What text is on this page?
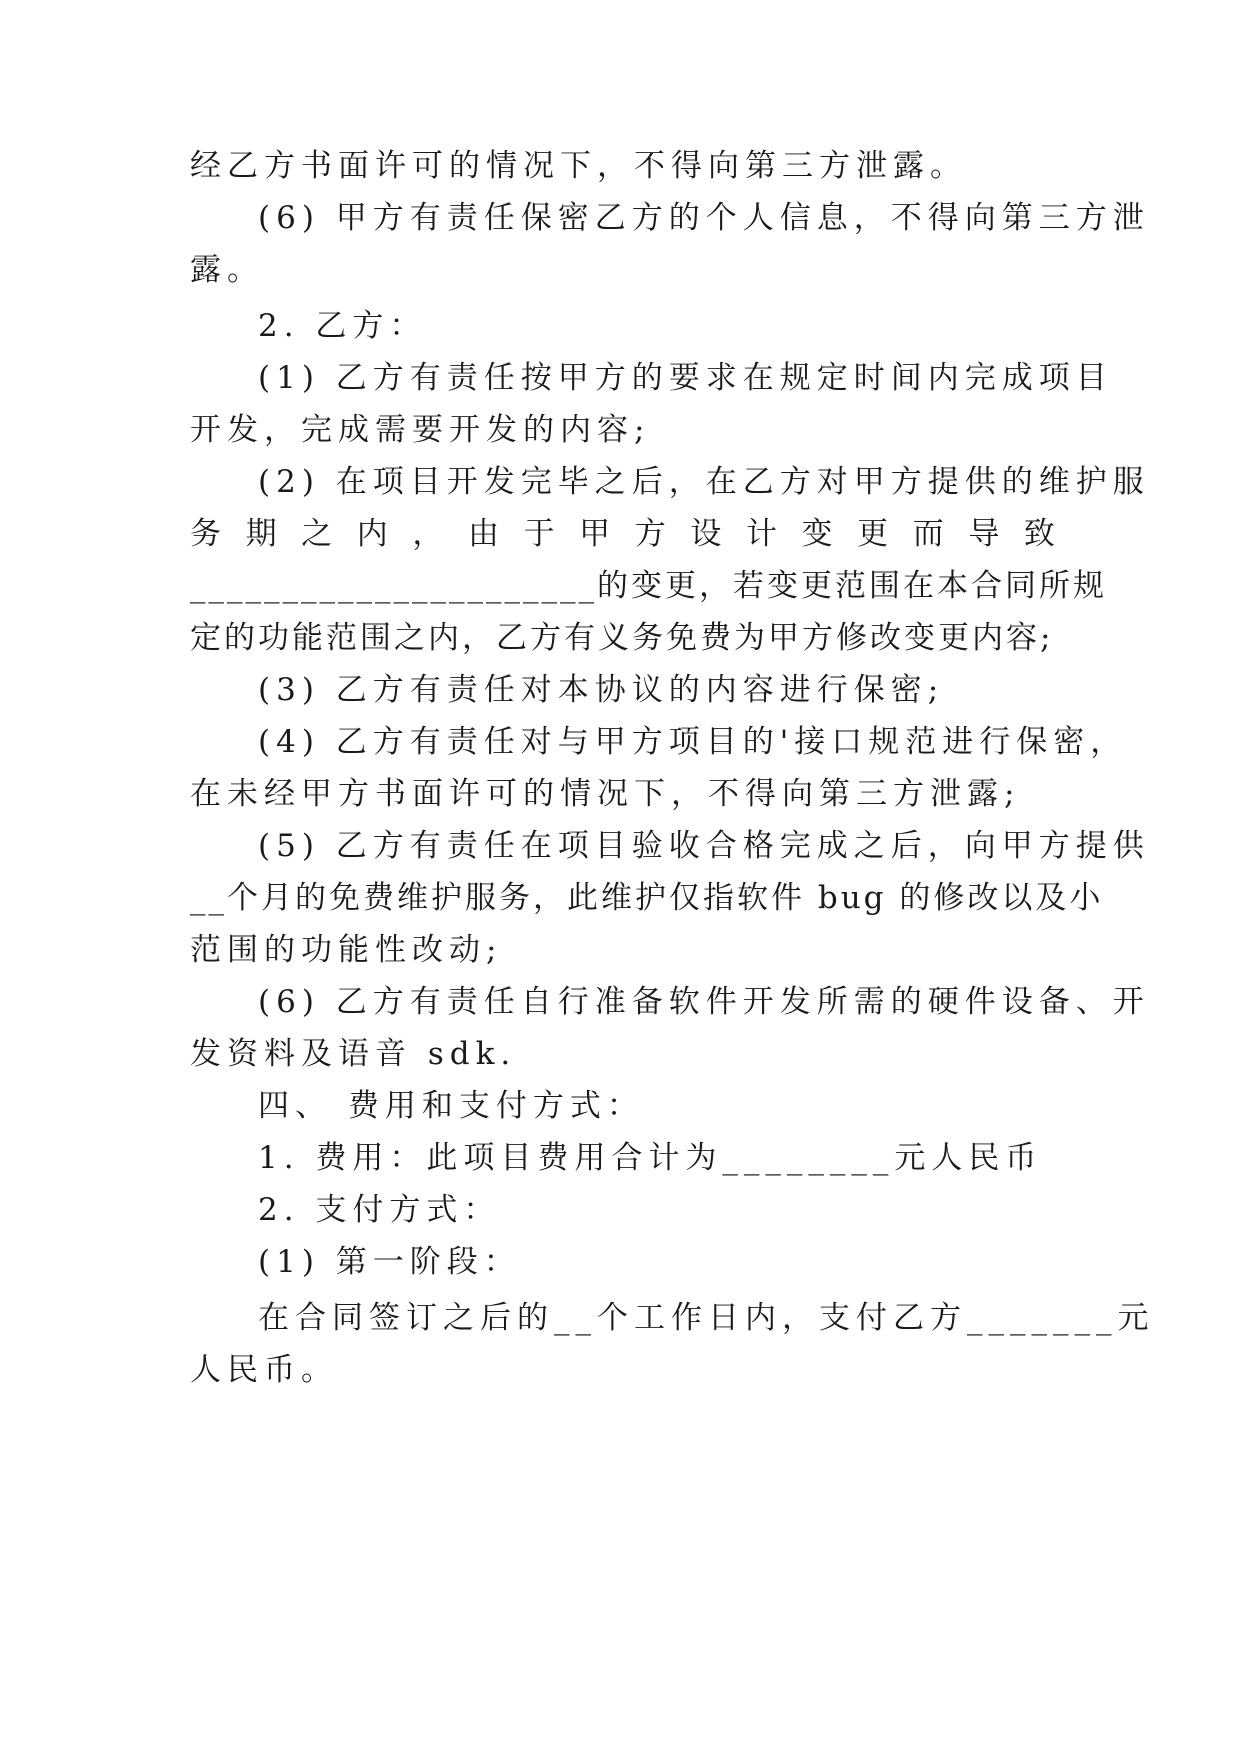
经乙方书面许可的情况下，不得向第三方泄露。
(6) 甲方有责任保密乙方的个人信息，不得向第三方泄
露。
2. 乙方：
(1) 乙方有责任按甲方的要求在规定时间内完成项目
开发，完成需要开发的内容;
(2) 在项目开发完毕之后，在乙方对甲方提供的维护服
务 期 之 内 ， 由 于 甲 方 设 计 变 更 而 导 致
______________________的变更，若变更范围在本合同所规
定的功能范围之内，乙方有义务免费为甲方修改变更内容;
(3) 乙方有责任对本协议的内容进行保密;
(4) 乙方有责任对与甲方项目的'接口规范进行保密，
在未经甲方书面许可的情况下，不得向第三方泄露;
(5) 乙方有责任在项目验收合格完成之后，向甲方提供
__个月的免费维护服务，此维护仅指软件 bug 的修改以及小
范围的功能性改动;
(6) 乙方有责任自行准备软件开发所需的硬件设备、开
发资料及语音 sdk.
四、 费用和支付方式：
1. 费用：此项目费用合计为________元人民币
2. 支付方式：
(1) 第一阶段：
在合同签订之后的__个工作日内，支付乙方_______元
人民币。
